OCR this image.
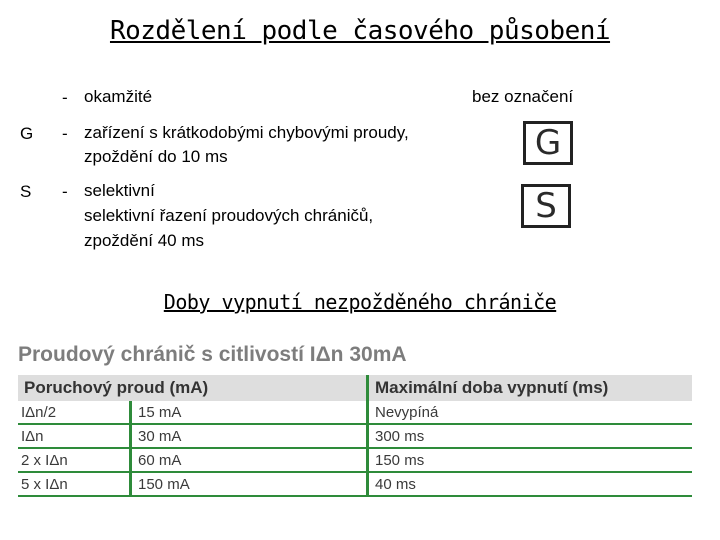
Rozdělení podle časového působení
- okamžité	bez označení
G - zařízení s krátkodobými chybovými proudy,
zpoždění do 10 ms	G
S - selektivní
selektivní řazení proudových chráničů,
zpoždění 40 ms
S
Doby vypnutí nezpožděného chrániče
Proudový chránič s citlivostí IΔn 30mA
Poruchový proud (mA)		Maximální doba vypnutí (ms)
IΔn/2	15 mA	Nevypíná
IΔn	30 mA	300 ms
2 x IΔn	60 mA	150 ms
5 x IΔn	150 mA	40 ms
